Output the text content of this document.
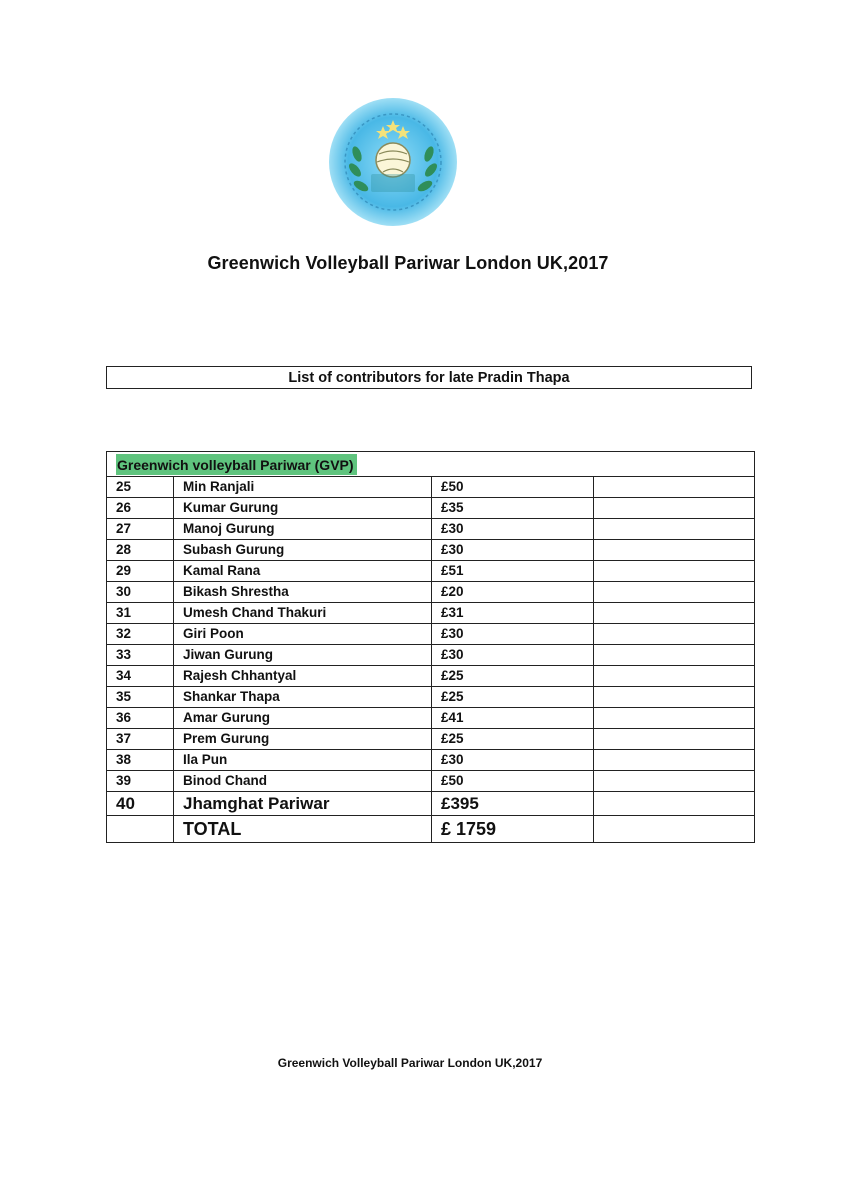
Greenwich Volleyball Pariwar London UK,2017
List of contributors for late Pradin Thapa
Greenwich volleyball Pariwar (GVP)			
25	Min Ranjali	£50	
26	Kumar Gurung	£35	
27	Manoj Gurung	£30	
28	Subash Gurung	£30	
29	Kamal Rana	£51	
30	Bikash Shrestha	£20	
31	Umesh Chand Thakuri	£31	
32	Giri Poon	£30	
33	Jiwan Gurung	£30	
34	Rajesh Chhantyal	£25	
35	Shankar Thapa	£25	
36	Amar Gurung	£41	
37	Prem Gurung	£25	
38	Ila Pun	£30	
39	Binod Chand	£50	
40	Jhamghat Pariwar	£395	
	TOTAL	£ 1759	
Greenwich Volleyball Pariwar London UK,2017
